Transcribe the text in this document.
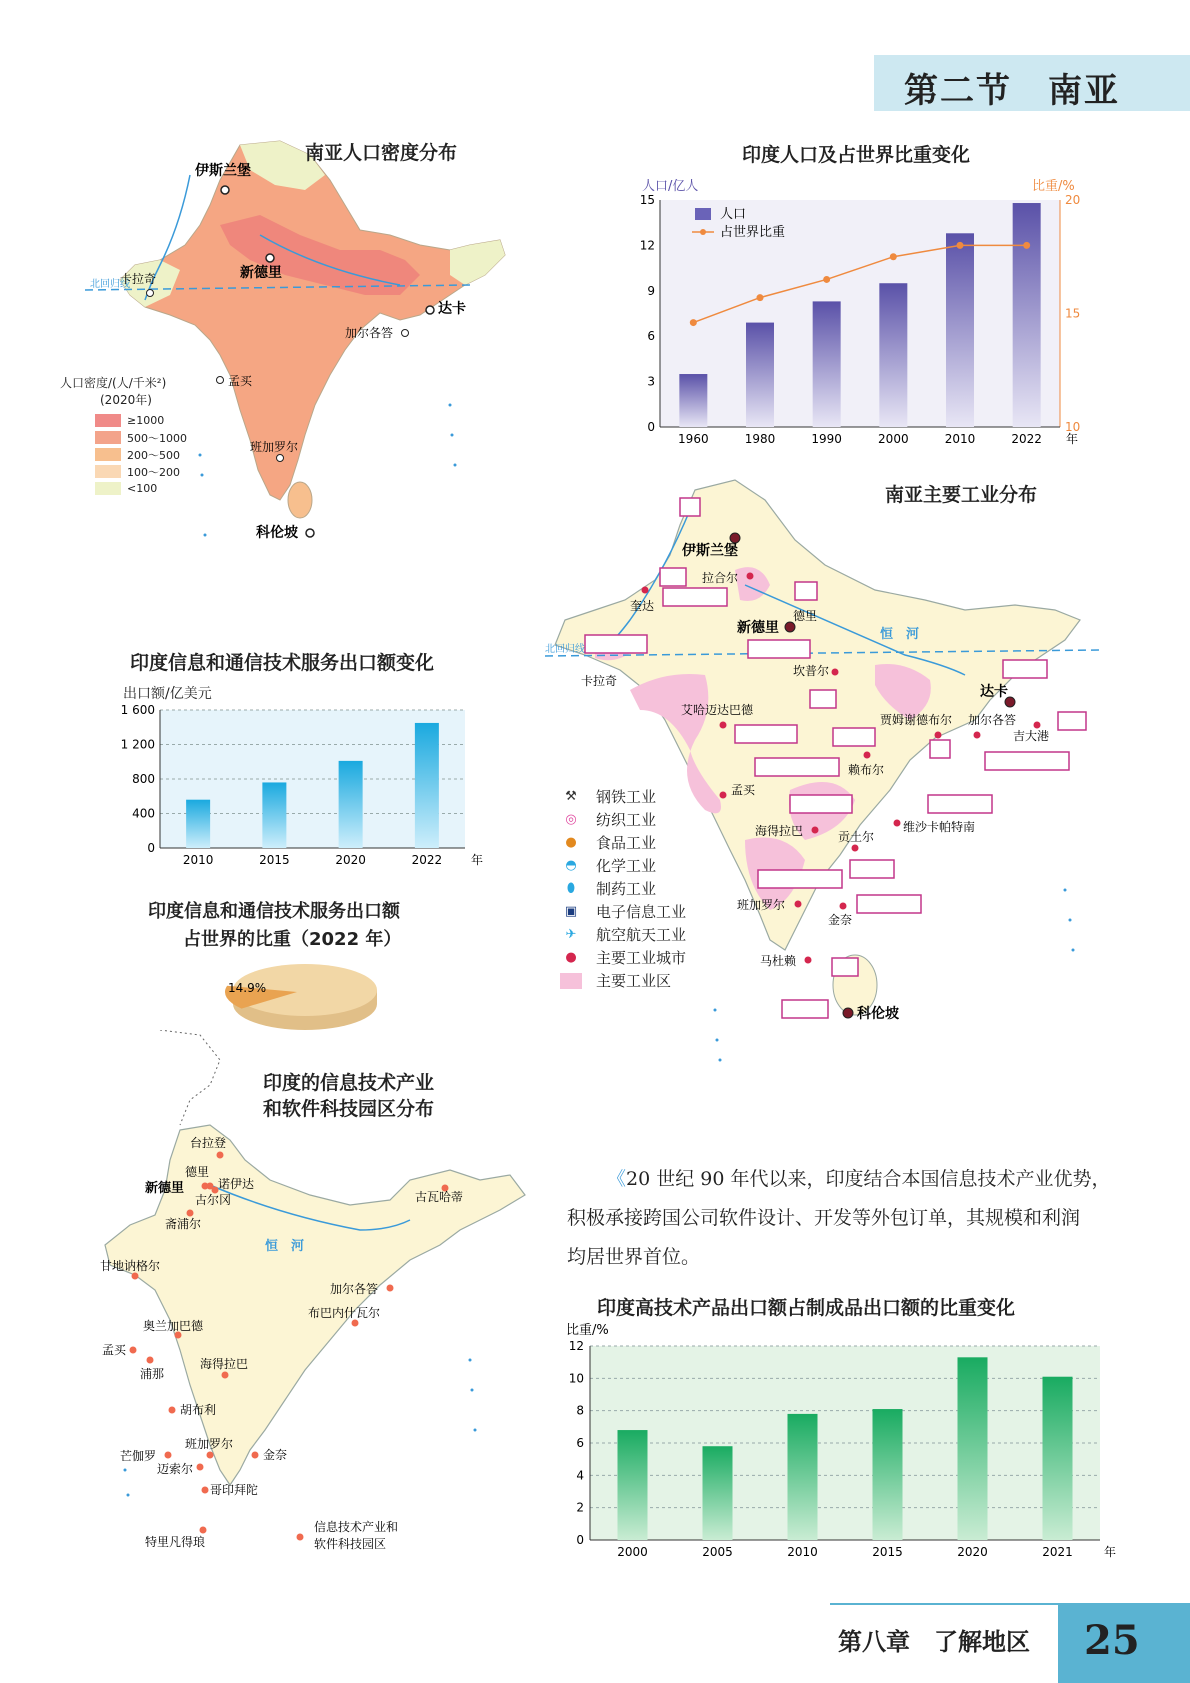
第二节　南亚
北回归线
伊斯兰堡
新德里
卡拉奇
达卡
加尔各答
孟买
班加罗尔
科伦坡
南亚人口密度分布
人口密度/(人/千米²)
(2020年)
≥1000
500～1000
200～500
100～200
<100
印度人口及占世界比重变化
人口/亿人	比重/%
0
3
6
9
12
15
10
15
20
1960	1980	1990	2000	2010	2022 年
人口
占世界比重
南亚主要工业分布
北回归线
恒　河
伊斯兰堡
拉合尔
奎达
德里
新德里
卡拉奇
坎普尔
达卡
艾哈迈达巴德
贾姆谢德布尔 加尔各答
吉大港
赖布尔
孟买
海得拉巴	维沙卡帕特南
贡土尔
班加罗尔
金奈
马杜赖
科伦坡
⚒	钢铁工业
◎	纺织工业
●	食品工业
◓	化学工业
⬮	制药工业
▣	电子信息工业
✈	航空航天工业
●	主要工业城市
主要工业区
印度信息和通信技术服务出口额变化
出口额/亿美元
0
400
800
1 200
1 600
2010	2015	2020	2022 年
印度信息和通信技术服务出口额
占世界的比重（2022 年）
14.9%
印度的信息技术产业
和软件科技园区分布
恒　河
台拉登
德里
新德里	诺伊达
古尔冈
斋浦尔
古瓦哈蒂
甘地讷格尔
加尔各答
布巴内什瓦尔
奥兰加巴德
孟买
浦那
海得拉巴
胡布利
芒伽罗
班加罗尔
迈索尔
金奈
哥印拜陀
特里凡得琅
信息技术产业和
软件科技园区
《20 世纪 90 年代以来，印度结合本国信息技术产业优势，
积极承接跨国公司软件设计、开发等外包订单，其规模和利润
均居世界首位。
印度高技术产品出口额占制成品出口额的比重变化
比重/%
0
2
4
6
8
10
12
2000	2005	2010	2015	2020	2021	年
第八章　了解地区 25
